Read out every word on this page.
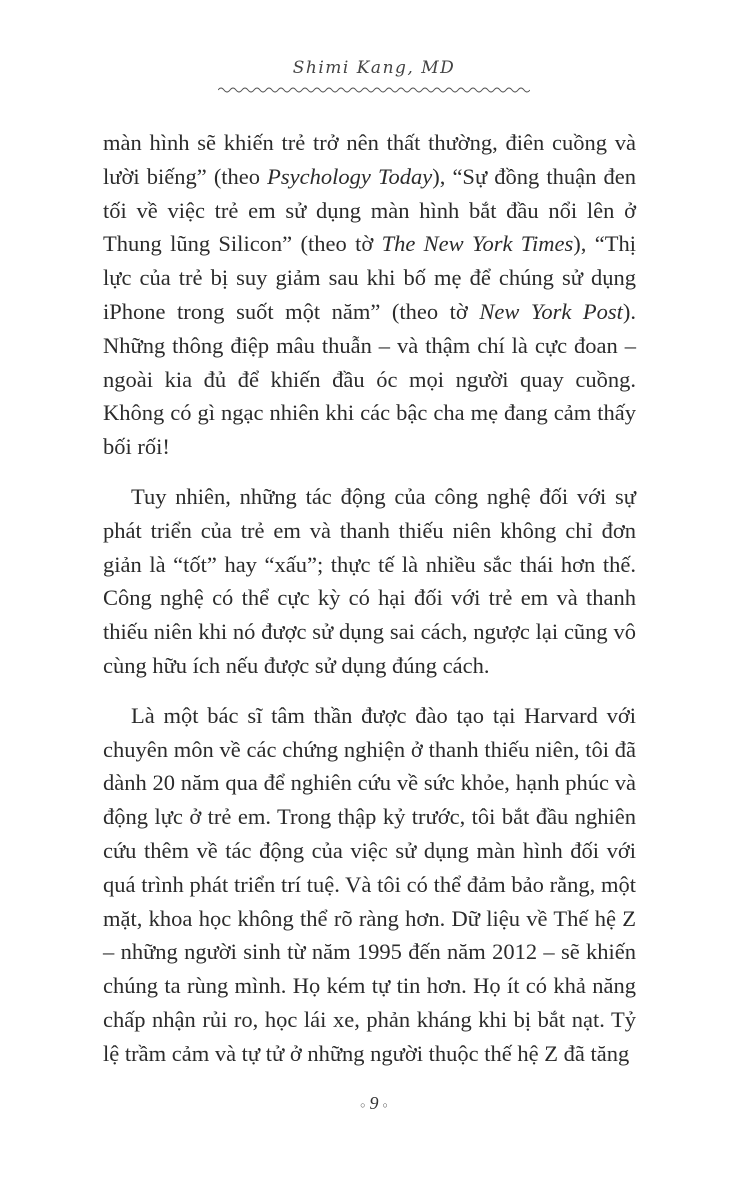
Shimi Kang, MD

màn hình sẽ khiến trẻ trở nên thất thường, điên cuồng và lười biếng” (theo Psychology Today), “Sự đồng thuận đen tối về việc trẻ em sử dụng màn hình bắt đầu nổi lên ở Thung lũng Silicon” (theo tờ The New York Times), “Thị lực của trẻ bị suy giảm sau khi bố mẹ để chúng sử dụng iPhone trong suốt một năm” (theo tờ New York Post). Những thông điệp mâu thuẫn – và thậm chí là cực đoan – ngoài kia đủ để khiến đầu óc mọi người quay cuồng. Không có gì ngạc nhiên khi các bậc cha mẹ đang cảm thấy bối rối!

Tuy nhiên, những tác động của công nghệ đối với sự phát triển của trẻ em và thanh thiếu niên không chỉ đơn giản là “tốt” hay “xấu”; thực tế là nhiều sắc thái hơn thế. Công nghệ có thể cực kỳ có hại đối với trẻ em và thanh thiếu niên khi nó được sử dụng sai cách, ngược lại cũng vô cùng hữu ích nếu được sử dụng đúng cách.

Là một bác sĩ tâm thần được đào tạo tại Harvard với chuyên môn về các chứng nghiện ở thanh thiếu niên, tôi đã dành 20 năm qua để nghiên cứu về sức khỏe, hạnh phúc và động lực ở trẻ em. Trong thập kỷ trước, tôi bắt đầu nghiên cứu thêm về tác động của việc sử dụng màn hình đối với quá trình phát triển trí tuệ. Và tôi có thể đảm bảo rằng, một mặt, khoa học không thể rõ ràng hơn. Dữ liệu về Thế hệ Z – những người sinh từ năm 1995 đến năm 2012 – sẽ khiến chúng ta rùng mình. Họ kém tự tin hơn. Họ ít có khả năng chấp nhận rủi ro, học lái xe, phản kháng khi bị bắt nạt. Tỷ lệ trầm cảm và tự tử ở những người thuộc thế hệ Z đã tăng

○ 9 ○
